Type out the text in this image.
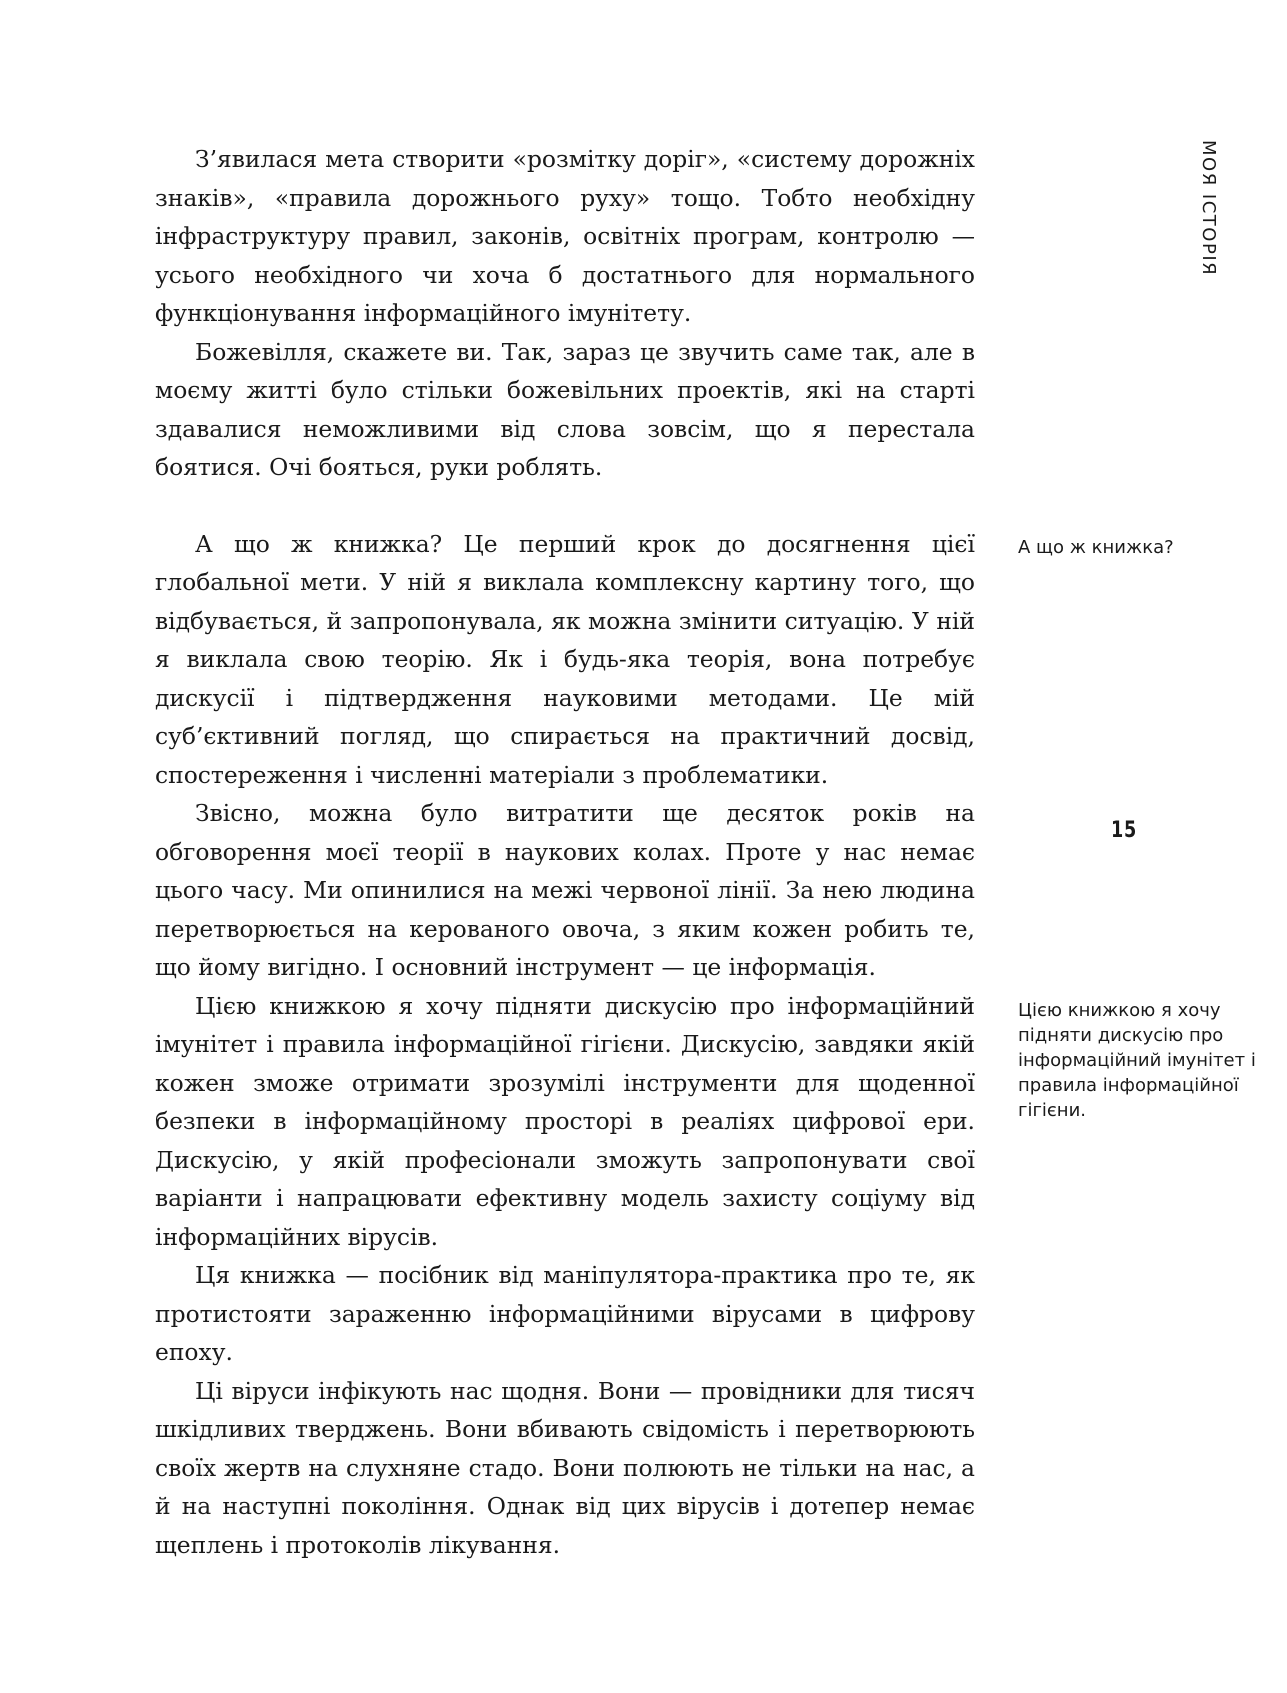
МОЯ ІСТОРІЯ

З’явилася мета створити «розмітку доріг», «систему дорожніх знаків», «правила дорожнього руху» тощо. Тобто необхідну інфраструктуру правил, законів, освітніх програм, контролю — усього необхідного чи хоча б достатнього для нормального функціонування інформаційного імунітету.

Божевілля, скажете ви. Так, зараз це звучить саме так, але в моєму житті було стільки божевільних проектів, які на старті здавалися неможливими від слова зовсім, що я перестала боятися. Очі бояться, руки роблять.

А що ж книжка? Це перший крок до досягнення цієї глобальної мети. У ній я виклала комплексну картину того, що відбувається, й запропонувала, як можна змінити ситуацію. У ній я виклала свою теорію. Як і будь-яка теорія, вона потребує дискусії і підтвердження науковими методами. Це мій суб’єктивний погляд, що спирається на практичний досвід, спостереження і численні матеріали з проблематики.

Звісно, можна було витратити ще десяток років на обговорення моєї теорії в наукових колах. Проте у нас немає цього часу. Ми опинилися на межі червоної лінії. За нею людина перетворюється на керованого овоча, з яким кожен робить те, що йому вигідно. І основний інструмент — це інформація.

Цією книжкою я хочу підняти дискусію про інформаційний імунітет і правила інформаційної гігієни. Дискусію, завдяки якій кожен зможе отримати зрозумілі інструменти для щоденної безпеки в інформаційному просторі в реаліях цифрової ери. Дискусію, у якій професіонали зможуть запропонувати свої варіанти і напрацювати ефективну модель захисту соціуму від інформаційних вірусів.

Ця книжка — посібник від маніпулятора-практика про те, як протистояти зараженню інформаційними вірусами в цифрову епоху.

Ці віруси інфікують нас щодня. Вони — провідники для тисяч шкідливих тверджень. Вони вбивають свідомість і перетворюють своїх жертв на слухняне стадо. Вони полюють не тільки на нас, а й на наступні покоління. Однак від цих вірусів і дотепер немає щеплень і протоколів лікування.

А що ж книжка?
15
Цією книжкою я хочу підняти дискусію про інформаційний імунітет і правила інформаційної гігієни.
